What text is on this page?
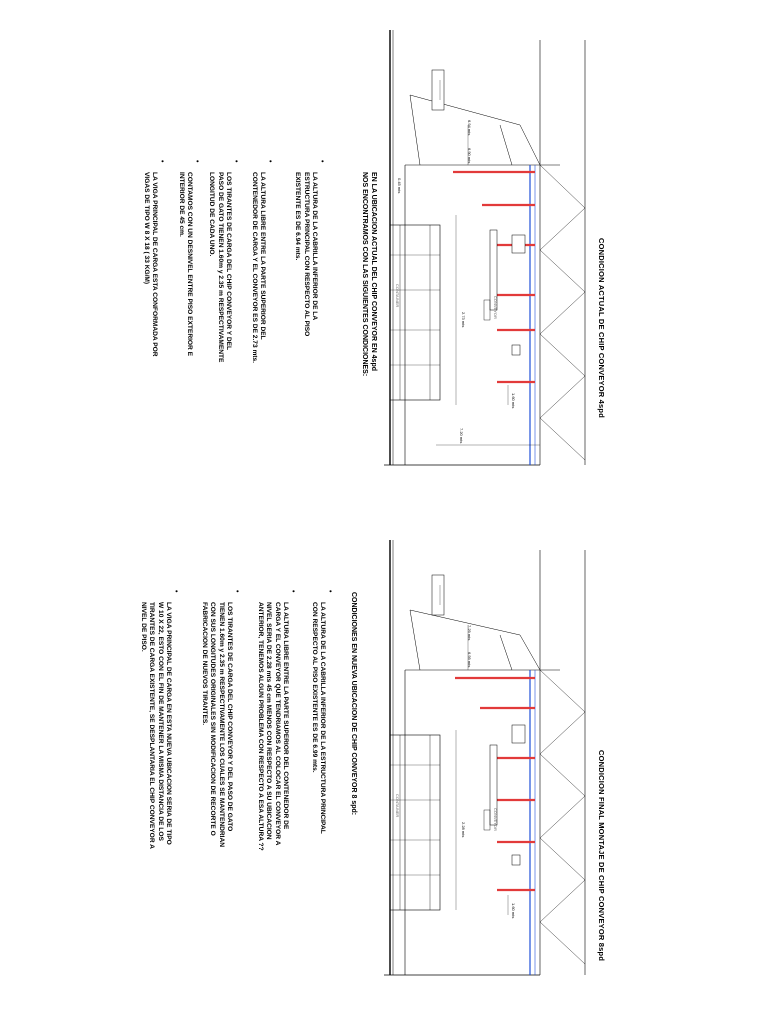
6.94 mts
6.90 mts
0.45 mts
2.73 mts
1.60 mts
7.20 mts
CONVEYOR
CONTAINER
7.29 mts
6.99 mts
2.28 mts
1.60 mts
CONVEYOR
CONTAINER
CONDICION ACTUAL DE CHIP CONVEYOR 4spd
CONDICION FINAL MONTAJE DE CHIP CONVEYOR 8spd
EN LA UBICACION ACTUAL DEL CHIP CONVEYOR EN 4spd
NOS ENCONTRAMOS CON LAS SIGUIENTES CONDICIONES:
•
LA ALTURA DE LA CABRILLA INFERIOR DE LA
ESTRUCTURA PRINCIPAL CON RESPECTO AL PISO
EXISTENTE ES DE 6.94 mts.
•
LA ALTURA LIBRE ENTRE LA PARTE SUPERIOR DEL
CONTENEDOR DE CARGA Y EL CONVEYOR ES DE 2.73 mts.
•
LOS TIRANTES DE CARGA DEL CHIP CONVEYOR Y DEL
PASO DE GATO TIENEN 1.60m y 2.35 m RESPECTIVAMENTE
LONGITUD DE CADA UNO.
•
CONTAMOS CON UN DESNIVEL ENTRE PISO EXTERIOR E
INTERIOR DE 45 cm.
•
LA VIGA PRINCIPAL DE CARGA ESTA CONFORMADA POR
VIGAS DE TIPO W 8 X 18 ( 33 KG/M)
CONDICIONES EN NUEVA UBICACION DE CHIP CONVEYOR 8 spd:
•
LA ALTURA DE LA CABRILLA INFERIOR DE LA ESTRUCTURA PRINCIPAL
CON RESPECTO AL PISO EXISTENTE ES DE 6.99 mts.
•
LA ALTURA LIBRE ENTRE LA PARTE SUPERIOR DEL CONTENEDOR DE
CARGA Y EL CONVEYOR QUE TENDRIAMOS AL COLOCAR EL CONVEYOR A
NIVEL SERIA DE 2.28 mts 45 cm MENOS CON RESPECTO A SU UBICACION
ANTERIOR, TENEMOS ALGUN PROBLEMA CON RESPECTO A ESA ALTURA ??
•
LOS TIRANTES DE CARGA DEL CHIP CONVEYOR Y DEL PASO DE GATO
TIENEN 1.60m y 2.35 m RESPECTIVAMENTE LOS CUALES SE MANTENDRIAN
CON SUS LONGITUDES ORIGINALES SIN MODIFICACION DE RECORTE O
FABRICACION DE NUEVOS TIRANTES.
•
LA VIGA PRINCIPAL DE CARGA EN ESTA NUEVA UBICACION SERIA DE TIPO
W 10 X 22, ESTO CON EL FIN DE MANTENER LA MISMA DISTANCIA DE LOS
TIRANTES DE CARGA EXISTENTE, SE DESPLANTARIA EL CHIP CONVEYOR A
NIVEL DE PISO.
